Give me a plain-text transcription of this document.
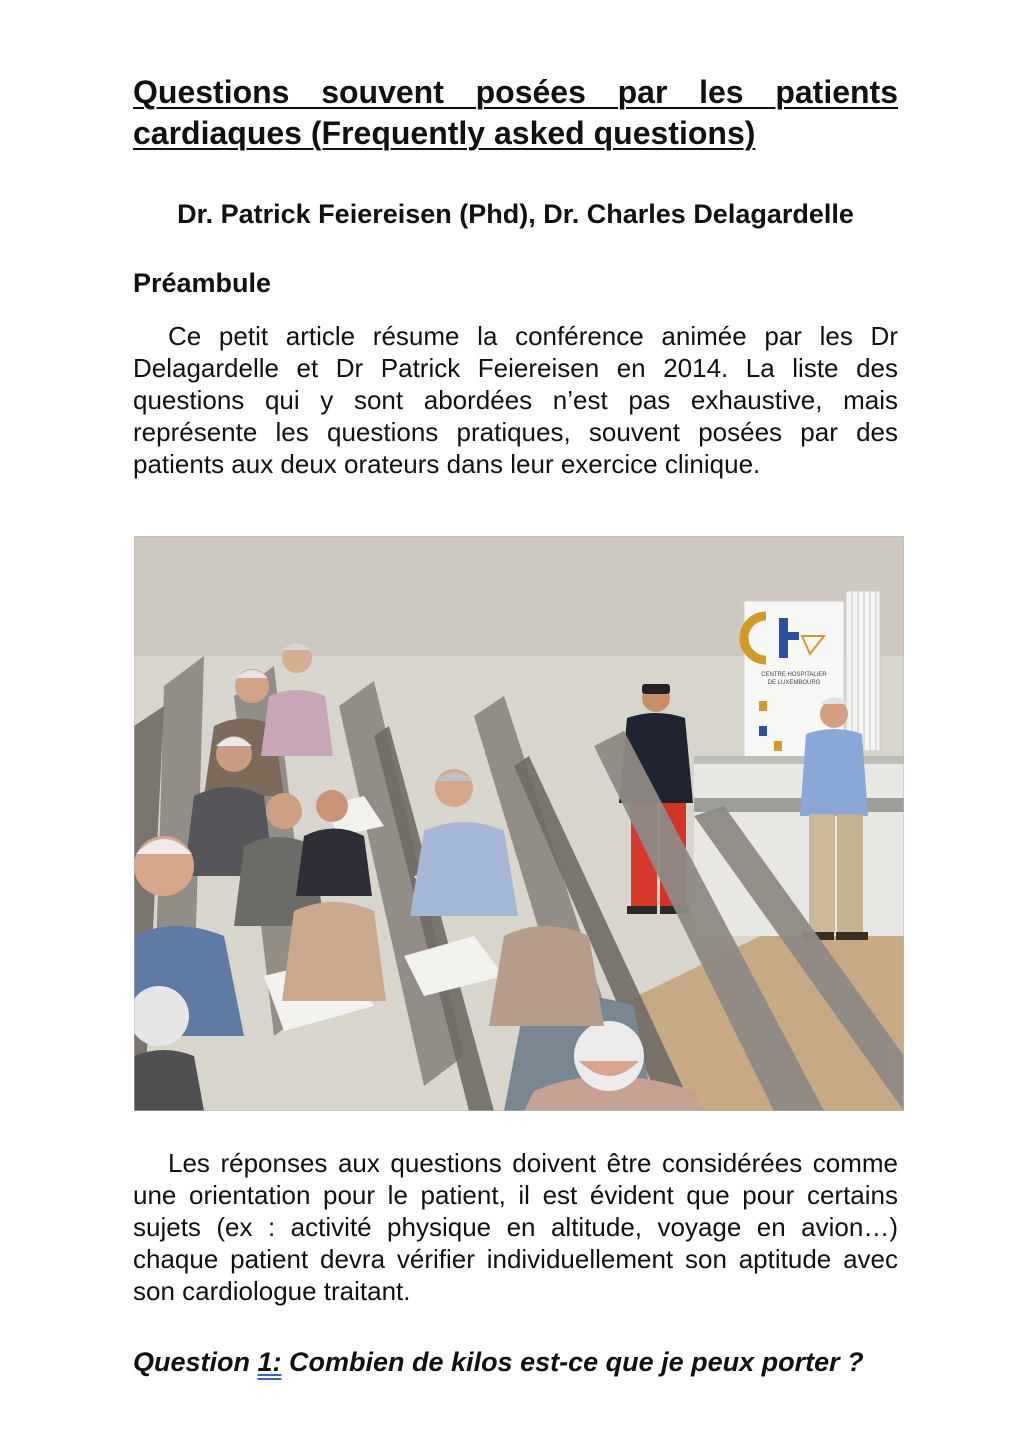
Questions souvent posées par les patients cardiaques (Frequently asked questions)

Dr. Patrick Feiereisen (Phd), Dr. Charles Delagardelle

Préambule

Ce petit article résume la conférence animée par les Dr Delagardelle et Dr Patrick Feiereisen en 2014. La liste des questions qui y sont abordées n’est pas exhaustive, mais représente les questions pratiques, souvent posées par des patients aux deux orateurs dans leur exercice clinique.

CENTRE HOSPITALIER
DE LUXEMBOURG

Les réponses aux questions doivent être considérées comme une orientation pour le patient, il est évident que pour certains sujets (ex : activité physique en altitude, voyage en avion…) chaque patient devra vérifier individuellement son aptitude avec son cardiologue traitant.

Question 1: Combien de kilos est-ce que je peux porter ?
